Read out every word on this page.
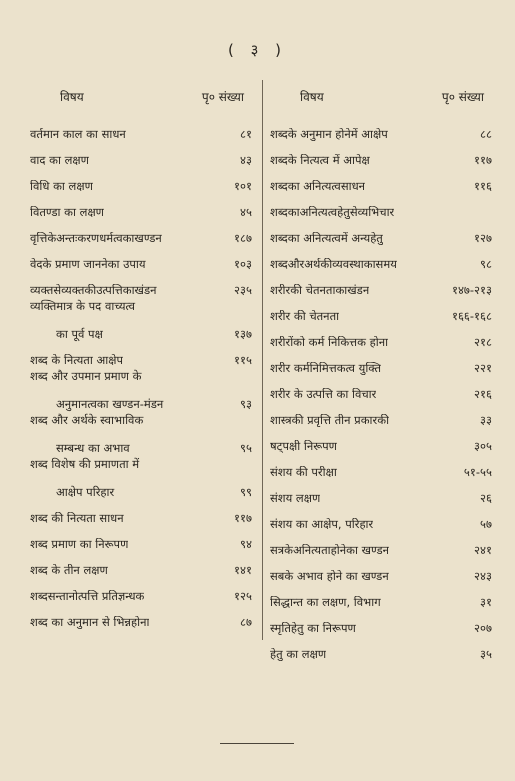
( ३ )
विषय	पृ० संख्या
वर्तमान काल का साधन	८१
वाद का लक्षण	४३
विधि का लक्षण	१०१
वितण्डा का लक्षण	४५
वृत्तिकेअन्तःकरणधर्मत्वकाखण्डन	१८७
वेदके प्रमाण जाननेका उपाय	१०३
व्यक्तसेव्यक्तकीउत्पत्तिकाखंडन	२३५
व्यक्तिमात्र के पद वाच्यत्व
का पूर्व पक्ष	१३७
शब्द के नित्यता आक्षेप	११५
शब्द और उपमान प्रमाण के
अनुमानत्वका खण्डन-मंडन	९३
शब्द और अर्थके स्वाभाविक
सम्बन्ध का अभाव	९५
शब्द विशेष की प्रमाणता में
आक्षेप परिहार	९९
शब्द की नित्यता साधन	११७
शब्द प्रमाण का निरूपण	९४
शब्द के तीन लक्षण	१४१
शब्दसन्तानोत्पत्ति प्रतिज्ञन्धक	१२५
शब्द का अनुमान से भिन्नहोना	८७
विषय	पृ० संख्या
शब्दके अनुमान होनेमें आक्षेप	८८
शब्दके नित्यत्व में आपेक्ष	११७
शब्दका अनित्यत्वसाधन	११६
शब्दकाअनित्यत्वहेतुसेव्यभिचार
शब्दका अनित्यत्वमें अन्यहेतु	१२७
शब्दऔरअर्थकीव्यवस्थाकासमय	९८
शरीरकी चेतनताकाखंडन	१४७-२१३
शरीर की चेतनता	१६६-१६८
शरीरोंको कर्म निकित्तक होना	२१८
शरीर कर्मनिमित्तकत्व युक्ति	२२१
शरीर के उत्पत्ति का विचार	२१६
शास्त्रकी प्रवृत्ति तीन प्रकारकी	३३
षट्पक्षी निरूपण	३०५
संशय की परीक्षा	५१-५५
संशय लक्षण	२६
संशय का आक्षेप, परिहार	५७
सत्रकेअनित्यताहोनेका खण्डन	२४१
सबके अभाव होने का खण्डन	२४३
सिद्धान्त का लक्षण, विभाग	३१
स्मृतिहेतु का निरूपण	२०७
हेतु का लक्षण	३५
